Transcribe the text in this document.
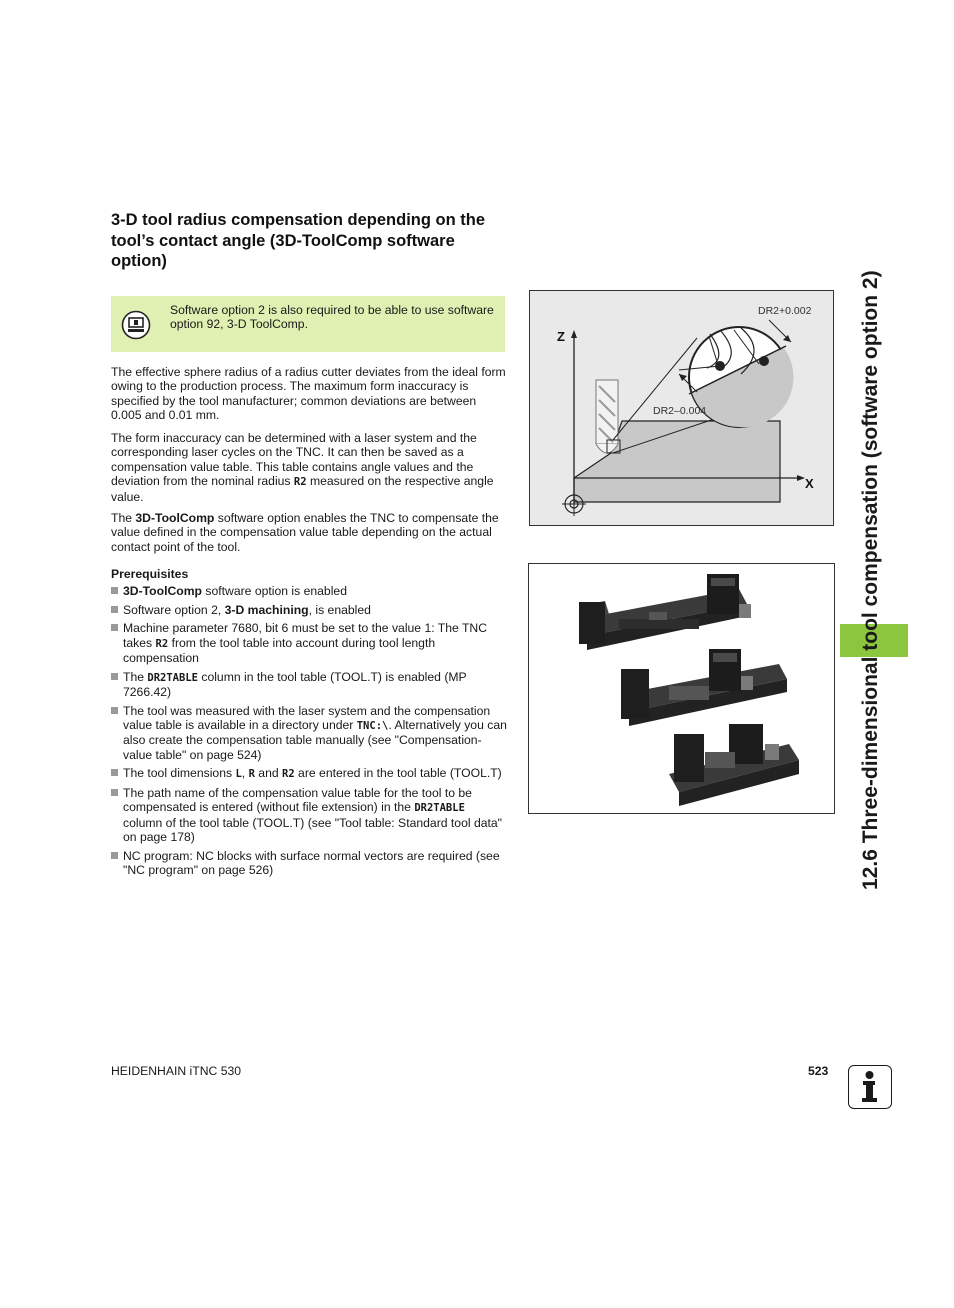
3-D tool radius compensation depending on the tool’s contact angle (3D-ToolComp software option)
Software option 2 is also required to be able to use software option 92, 3-D ToolComp.

The effective sphere radius of a radius cutter deviates from the ideal form owing to the production process. The maximum form inaccuracy is specified by the tool manufacturer; common deviations are between 0.005 and 0.01 mm.

The form inaccuracy can be determined with a laser system and the corresponding laser cycles on the TNC. It can then be saved as a compensation value table. This table contains angle values and the deviation from the nominal radius R2 measured on the respective angle value.

The 3D-ToolComp software option enables the TNC to compensate the value defined in the compensation value table depending on the actual contact point of the tool.

Prerequisites
3D-ToolComp software option is enabled
Software option 2, 3-D machining, is enabled
Machine parameter 7680, bit 6 must be set to the value 1: The TNC takes R2 from the tool table into account during tool length compensation
The DR2TABLE column in the tool table (TOOL.T) is enabled (MP 7266.42)
The tool was measured with the laser system and the compensation value table is available in a directory under TNC:\. Alternatively you can also create the compensation table manually (see "Compensation-value table" on page 524)
The tool dimensions L, R and R2 are entered in the tool table (TOOL.T)
The path name of the compensation value table for the tool to be compensated is entered (without file extension) in the DR2TABLE column of the tool table (TOOL.T) (see "Tool table: Standard tool data" on page 178)
NC program: NC blocks with surface normal vectors are required (see "NC program" on page 526)
DR2+0.002
DR2–0.004
Z
X 12.6 Three-dimensional tool compensation (software option 2)
HEIDENHAIN iTNC 530	523
